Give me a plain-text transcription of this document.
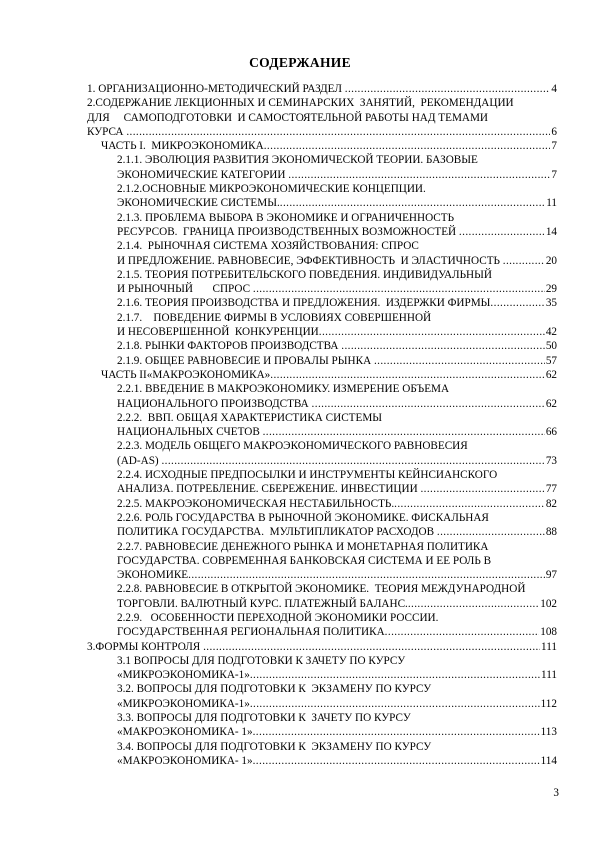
СОДЕРЖАНИЕ
1. ОРГАНИЗАЦИОННО-МЕТОДИЧЕСКИЙ РАЗДЕЛ .....	4
2.СОДЕРЖАНИЕ ЛЕКЦИОННЫХ И СЕМИНАРСКИХ  ЗАНЯТИЙ,  РЕКОМЕНДАЦИИ
ДЛЯ     САМОПОДГОТОВКИ  И САМОСТОЯТЕЛЬНОЙ РАБОТЫ НАД ТЕМАМИ
КУРСА .....	6
ЧАСТЬ I.  МИКРОЭКОНОМИКА .....	7
2.1.1. ЭВОЛЮЦИЯ РАЗВИТИЯ ЭКОНОМИЧЕСКОЙ ТЕОРИИ. БАЗОВЫЕ
ЭКОНОМИЧЕСКИЕ КАТЕГОРИИ .....	7
2.1.2.ОСНОВНЫЕ МИКРОЭКОНОМИЧЕСКИЕ КОНЦЕПЦИИ.
ЭКОНОМИЧЕСКИЕ СИСТЕМЫ. .....	11
2.1.3. ПРОБЛЕМА ВЫБОРА В ЭКОНОМИКЕ И ОГРАНИЧЕННОСТЬ
РЕСУРСОВ.  ГРАНИЦА ПРОИЗВОДСТВЕННЫХ ВОЗМОЖНОСТЕЙ .....	14
2.1.4.  РЫНОЧНАЯ СИСТЕМА ХОЗЯЙСТВОВАНИЯ: СПРОС
И ПРЕДЛОЖЕНИЕ. РАВНОВЕСИЕ, ЭФФЕКТИВНОСТЬ  И ЭЛАСТИЧНОСТЬ .....	20
2.1.5. ТЕОРИЯ ПОТРЕБИТЕЛЬСКОГО ПОВЕДЕНИЯ. ИНДИВИДУАЛЬНЫЙ
И РЫНОЧНЫЙ       СПРОС .....	29
2.1.6. ТЕОРИЯ ПРОИЗВОДСТВА И ПРЕДЛОЖЕНИЯ.  ИЗДЕРЖКИ ФИРМЫ .....	35
2.1.7.    ПОВЕДЕНИЕ ФИРМЫ В УСЛОВИЯХ СОВЕРШЕННОЙ
И НЕСОВЕРШЕННОЙ  КОНКУРЕНЦИИ .....	42
2.1.8. РЫНКИ ФАКТОРОВ ПРОИЗВОДСТВА .....	50
2.1.9. ОБЩЕЕ РАВНОВЕСИЕ И ПРОВАЛЫ РЫНКА .....	57
ЧАСТЬ II«МАКРОЭКОНОМИКА» .....	62
2.2.1. ВВЕДЕНИЕ В МАКРОЭКОНОМИКУ. ИЗМЕРЕНИЕ ОБЪЕМА
НАЦИОНАЛЬНОГО ПРОИЗВОДСТВА .....	62
2.2.2.  ВВП. ОБЩАЯ ХАРАКТЕРИСТИКА СИСТЕМЫ
НАЦИОНАЛЬНЫХ СЧЕТОВ .....	66
2.2.3. МОДЕЛЬ ОБЩЕГО МАКРОЭКОНОМИЧЕСКОГО РАВНОВЕСИЯ
(AD-AS) .....	73
2.2.4. ИСХОДНЫЕ ПРЕДПОСЫЛКИ И ИНСТРУМЕНТЫ КЕЙНСИАНСКОГО
АНАЛИЗА. ПОТРЕБЛЕНИЕ. СБЕРЕЖЕНИЕ. ИНВЕСТИЦИИ .....	77
2.2.5. МАКРОЭКОНОМИЧЕСКАЯ НЕСТАБИЛЬНОСТЬ. .....	82
2.2.6. РОЛЬ ГОСУДАРСТВА В РЫНОЧНОЙ ЭКОНОМИКЕ. ФИСКАЛЬНАЯ
ПОЛИТИКА ГОСУДАРСТВА.  МУЛЬТИПЛИКАТОР РАСХОДОВ .....	88
2.2.7. РАВНОВЕСИЕ ДЕНЕЖНОГО РЫНКА И МОНЕТАРНАЯ ПОЛИТИКА
ГОСУДАРСТВА. СОВРЕМЕННАЯ БАНКОВСКАЯ СИСТЕМА И ЕЕ РОЛЬ В
ЭКОНОМИКЕ .....	97
2.2.8. РАВНОВЕСИЕ В ОТКРЫТОЙ ЭКОНОМИКЕ.  ТЕОРИЯ МЕЖДУНАРОДНОЙ
ТОРГОВЛИ. ВАЛЮТНЫЙ КУРС. ПЛАТЕЖНЫЙ БАЛАНС. .....	102
2.2.9.   ОСОБЕННОСТИ ПЕРЕХОДНОЙ ЭКОНОМИКИ РОССИИ.
ГОСУДАРСТВЕННАЯ РЕГИОНАЛЬНАЯ ПОЛИТИКА .....	108
3.ФОРМЫ КОНТРОЛЯ .....	111
3.1 ВОПРОСЫ ДЛЯ ПОДГОТОВКИ К ЗАЧЕТУ ПО КУРСУ
«МИКРОЭКОНОМИКА-1» .....	111
3.2. ВОПРОСЫ ДЛЯ ПОДГОТОВКИ К  ЭКЗАМЕНУ ПО КУРСУ
«МИКРОЭКОНОМИКА-1» .....	112
3.3. ВОПРОСЫ ДЛЯ ПОДГОТОВКИ К  ЗАЧЕТУ ПО КУРСУ
«МАКРОЭКОНОМИКА- 1» .....	113
3.4. ВОПРОСЫ ДЛЯ ПОДГОТОВКИ К  ЭКЗАМЕНУ ПО КУРСУ
«МАКРОЭКОНОМИКА- 1» .....	114
3
